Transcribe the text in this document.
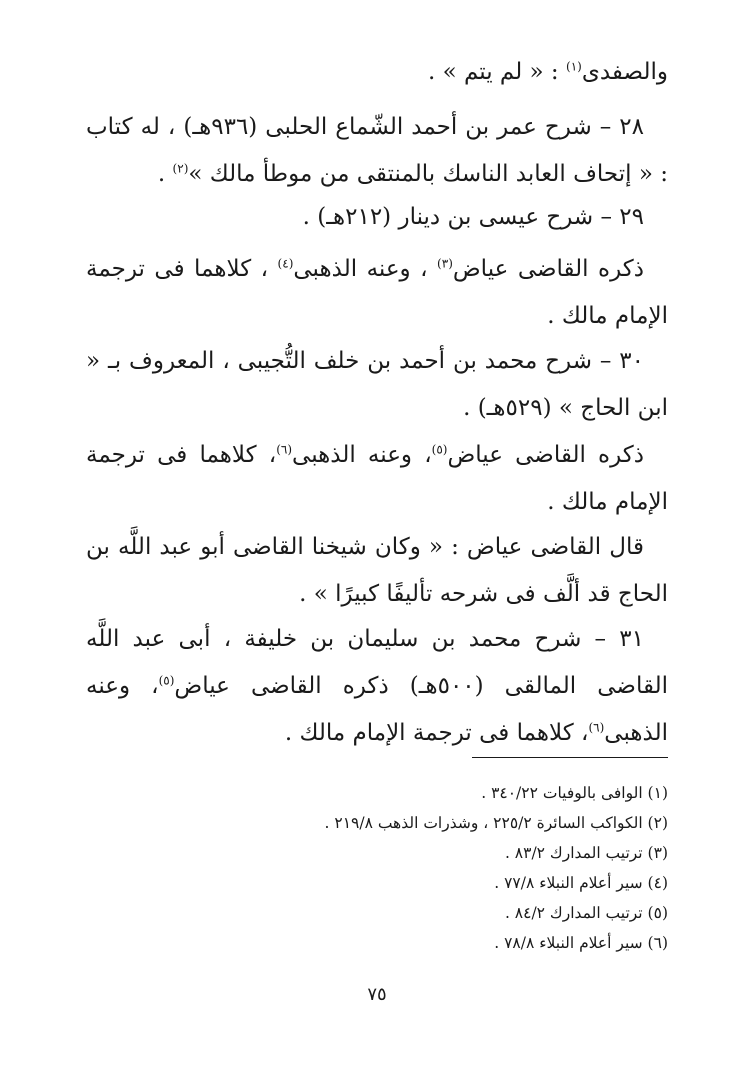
والصفدى$^{(١)}$ : « لم يتم » .

٢٨ – شرح عمر بن أحمد الشّماع الحلبى (٩٣٦هـ) ، له كتاب : « إتحاف العابد الناسك بالمنتقى من موطأ مالك »$^{(٢)}$ .

٢٩ – شرح عيسى بن دينار (٢١٢هـ) .

ذكره القاضى عياض$^{(٣)}$ ، وعنه الذهبى$^{(٤)}$ ، كلاهما فى ترجمة الإمام مالك .

٣٠ – شرح محمد بن أحمد بن خلف التُّجيبى ، المعروف بـ « ابن الحاج » (٥٢٩هـ) .

ذكره القاضى عياض$^{(٥)}$، وعنه الذهبى$^{(٦)}$، كلاهما فى ترجمة الإمام مالك .

قال القاضى عياض : « وكان شيخنا القاضى أبو عبد اللَّه بن الحاج قد ألَّف فى شرحه تأليفًا كبيرًا » .

٣١ – شرح محمد بن سليمان بن خليفة ، أبى عبد اللَّه القاضى المالقى (٥٠٠هـ) ذكره القاضى عياض$^{(٥)}$، وعنه الذهبى$^{(٦)}$، كلاهما فى ترجمة الإمام مالك .

(١) الوافى بالوفيات ٣٤٠/٢٢ .
(٢) الكواكب السائرة ٢٢٥/٢ ، وشذرات الذهب ٢١٩/٨ .
(٣) ترتيب المدارك ٨٣/٢ .
(٤) سير أعلام النبلاء ٧٧/٨ .
(٥) ترتيب المدارك ٨٤/٢ .
(٦) سير أعلام النبلاء ٧٨/٨ .
٧٥
